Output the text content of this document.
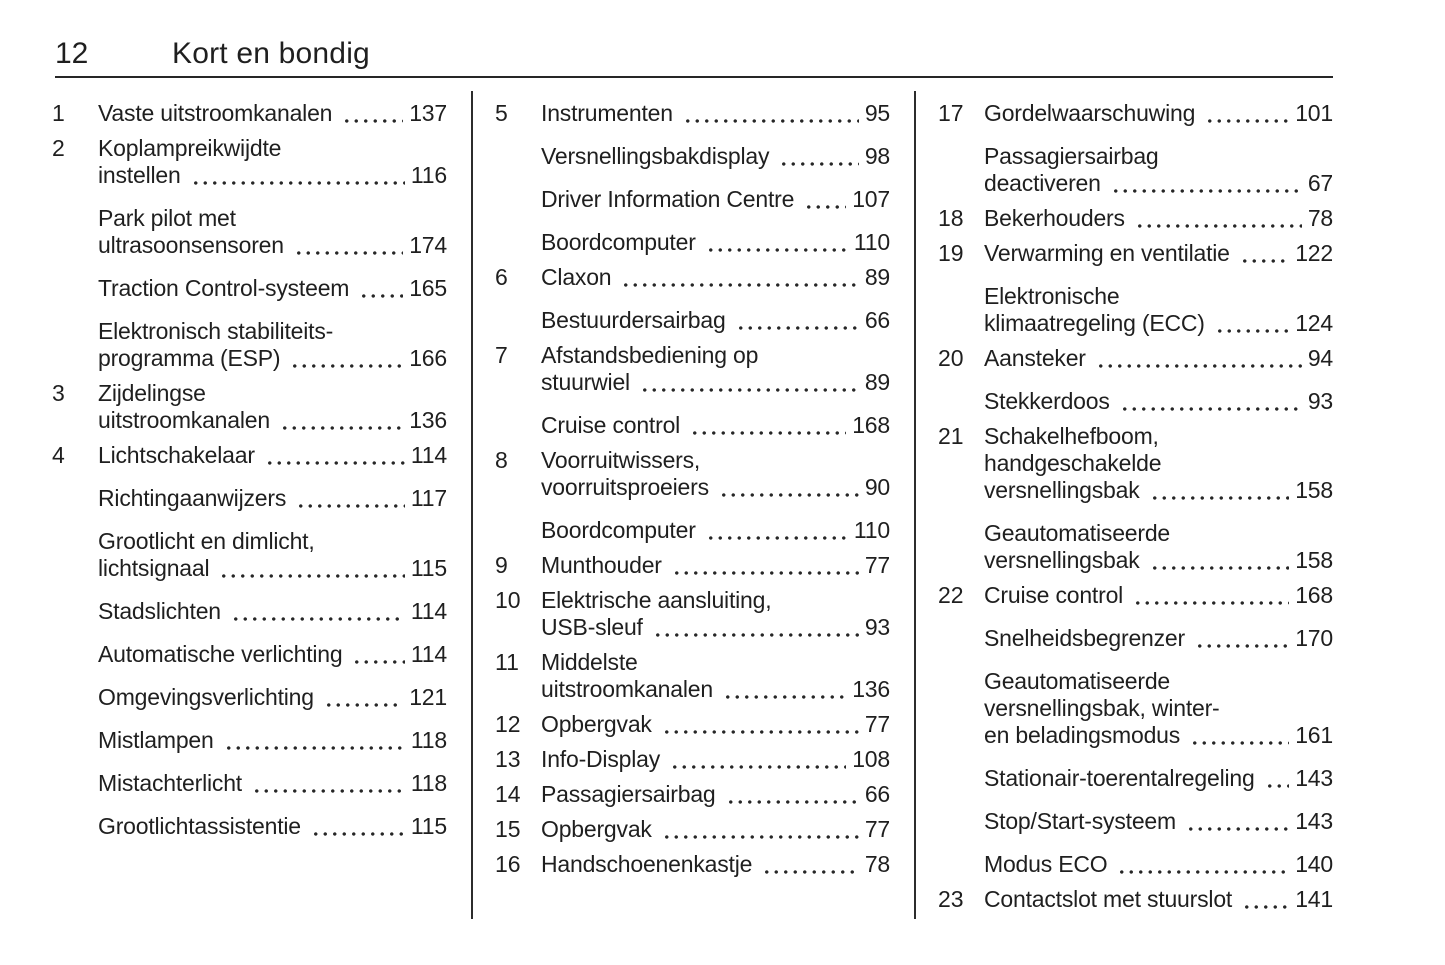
12	Kort en bondig
1	Vaste uitstroomkanalen	137
2	Koplampreikwijdte
instellen	116
Park pilot met
ultrasoonsensoren	174
Traction Control-systeem	165
Elektronisch stabiliteits-
programma (ESP)	166
3	Zijdelingse
uitstroomkanalen	136
4	Lichtschakelaar	114
Richtingaanwijzers	117
Grootlicht en dimlicht,
lichtsignaal	115
Stadslichten	114
Automatische verlichting	114
Omgevingsverlichting	121
Mistlampen	118
Mistachterlicht	118
Grootlichtassistentie	115
5	Instrumenten	95
Versnellingsbakdisplay	98
Driver Information Centre	107
Boordcomputer	110
6	Claxon	89
Bestuurdersairbag	66
7	Afstandsbediening op
stuurwiel	89
Cruise control	168
8	Voorruitwissers,
voorruitsproeiers	90
Boordcomputer	110
9	Munthouder	77
10 Elektrische aansluiting,
USB-sleuf	93
11 Middelste
uitstroomkanalen	136
12 Opbergvak	77
13 Info-Display	108
14 Passagiersairbag	66
15 Opbergvak	77
16 Handschoenenkastje	78
17 Gordelwaarschuwing	101
Passagiersairbag
deactiveren	67
18 Bekerhouders	78
19 Verwarming en ventilatie	122
Elektronische
klimaatregeling (ECC)	124
20 Aansteker	94
Stekkerdoos	93
21 Schakelhefboom,
handgeschakelde
versnellingsbak	158
Geautomatiseerde
versnellingsbak	158
22 Cruise control	168
Snelheidsbegrenzer	170
Geautomatiseerde
versnellingsbak, winter-
en beladingsmodus	161
Stationair-toerentalregeling 143
Stop/Start-systeem	143
Modus ECO	140
23 Contactslot met stuurslot	141
